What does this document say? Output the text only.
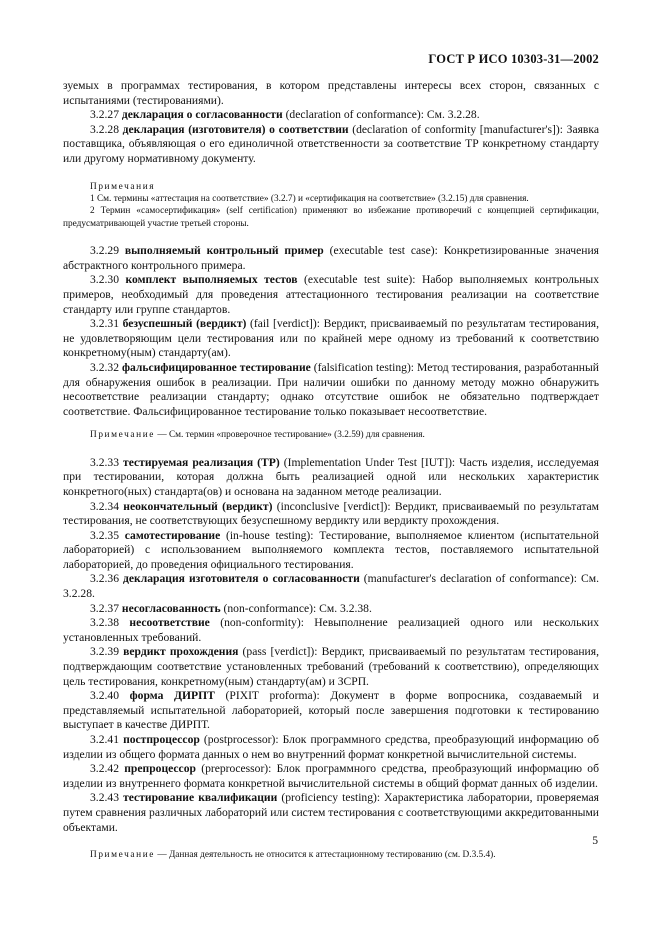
ГОСТ Р ИСО 10303-31—2002

зуемых в программах тестирования, в котором представлены интересы всех сторон, связанных с испытаниями (тестированиями).

3.2.27 декларация о согласованности (declaration of conformance): См. 3.2.28.

3.2.28 декларация (изготовителя) о соответствии (declaration of conformity [manufacturer's]): Заявка поставщика, объявляющая о его единоличной ответственности за соответствие ТР конкретному стандарту или другому нормативному документу.

Примечания

1 См. термины «аттестация на соответствие» (3.2.7) и «сертификация на соответствие» (3.2.15) для сравнения.

2 Термин «самосертификация» (self certification) применяют во избежание противоречий с концепцией сертификации, предусматривающей участие третьей стороны.

3.2.29 выполняемый контрольный пример (executable test case): Конкретизированные значения абстрактного контрольного примера.

3.2.30 комплект выполняемых тестов (executable test suite): Набор выполняемых контрольных примеров, необходимый для проведения аттестационного тестирования реализации на соответствие стандарту или группе стандартов.

3.2.31 безуспешный (вердикт) (fail [verdict]): Вердикт, присваиваемый по результатам тестирования, не удовлетворяющим цели тестирования или по крайней мере одному из требований к соответствию конкретному(ным) стандарту(ам).

3.2.32 фальсифицированное тестирование (falsification testing): Метод тестирования, разработанный для обнаружения ошибок в реализации. При наличии ошибки по данному методу можно обнаружить несоответствие реализации стандарту; однако отсутствие ошибок не обязательно подтверждает соответствие. Фальсифицированное тестирование только показывает несоответствие.

Примечание — См. термин «проверочное тестирование» (3.2.59) для сравнения.

3.2.33 тестируемая реализация (ТР) (Implementation Under Test [IUT]): Часть изделия, исследуемая при тестировании, которая должна быть реализацией одной или нескольких характеристик конкретного(ных) стандарта(ов) и основана на заданном методе реализации.

3.2.34 неокончательный (вердикт) (inconclusive [verdict]): Вердикт, присваиваемый по результатам тестирования, не соответствующих безуспешному вердикту или вердикту прохождения.

3.2.35 самотестирование (in-house testing): Тестирование, выполняемое клиентом (испытательной лабораторией) с использованием выполняемого комплекта тестов, поставляемого испытательной лабораторией, до проведения официального тестирования.

3.2.36 декларация изготовителя о согласованности (manufacturer's declaration of conformance): См. 3.2.28.

3.2.37 несогласованность (non-conformance): См. 3.2.38.

3.2.38 несоответствие (non-conformity): Невыполнение реализацией одного или нескольких установленных требований.

3.2.39 вердикт прохождения (pass [verdict]): Вердикт, присваиваемый по результатам тестирования, подтверждающим соответствие установленных требований (требований к соответствию), определяющих цель тестирования, конкретному(ным) стандарту(ам) и ЗСРП.

3.2.40 форма ДИРПТ (PIXIT proforma): Документ в форме вопросника, создаваемый и представляемый испытательной лабораторией, который после завершения подготовки к тестированию выступает в качестве ДИРПТ.

3.2.41 постпроцессор (postprocessor): Блок программного средства, преобразующий информацию об изделии из общего формата данных о нем во внутренний формат конкретной вычислительной системы.

3.2.42 препроцессор (preprocessor): Блок программного средства, преобразующий информацию об изделии из внутреннего формата конкретной вычислительной системы в общий формат данных об изделии.

3.2.43 тестирование квалификации (proficiency testing): Характеристика лаборатории, проверяемая путем сравнения различных лабораторий или систем тестирования с соответствующими аккредитованными объектами.

Примечание — Данная деятельность не относится к аттестационному тестированию (см. D.3.5.4).

5
